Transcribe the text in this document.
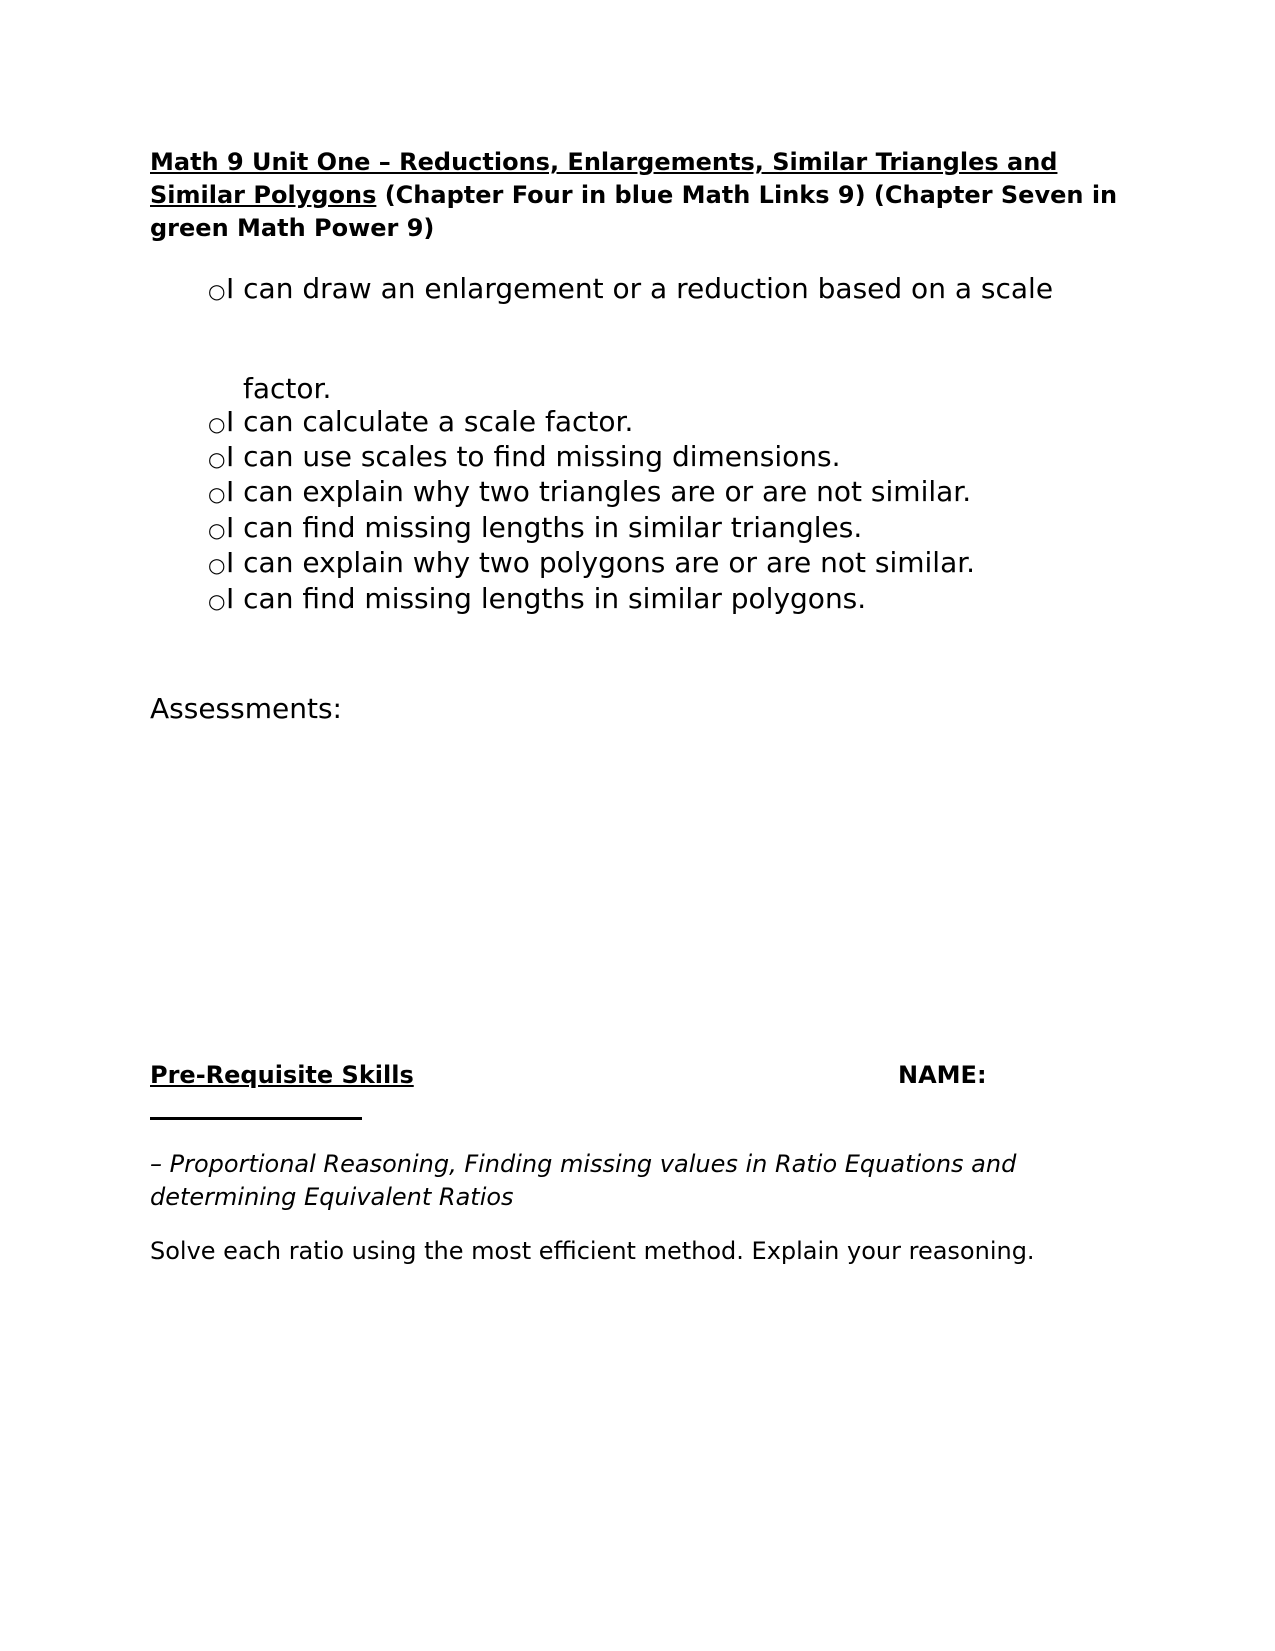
Math 9 Unit One – Reductions, Enlargements, Similar Triangles and Similar Polygons (Chapter Four in blue Math Links 9) (Chapter Seven in green Math Power 9)
○I can draw an enlargement or a reduction based on a scale
factor.
○I can calculate a scale factor.
○I can use scales to find missing dimensions.
○I can explain why two triangles are or are not similar.
○I can find missing lengths in similar triangles.
○I can explain why two polygons are or are not similar.
○I can find missing lengths in similar polygons.
Assessments:
Pre-Requisite Skills	NAME:
– Proportional Reasoning, Finding missing values in Ratio Equations and determining Equivalent Ratios
Solve each ratio using the most efficient method. Explain your reasoning.
